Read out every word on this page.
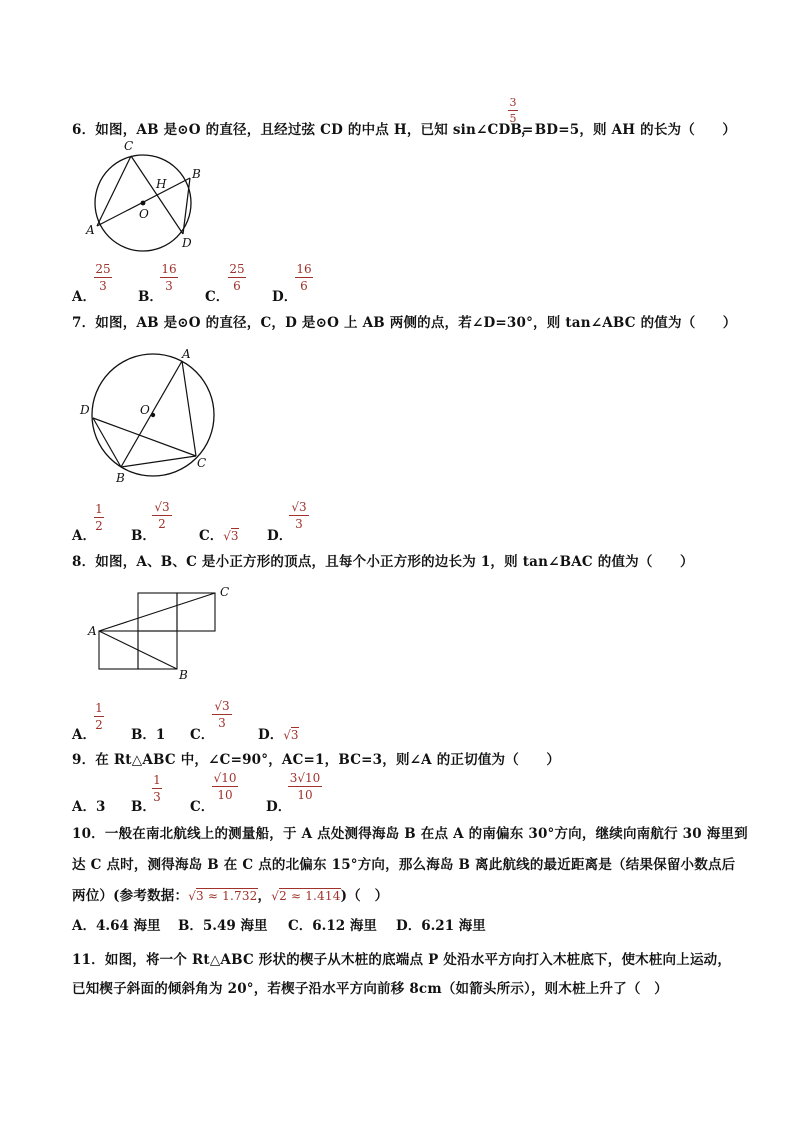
6．如图，AB 是⊙O 的直径，且经过弦 CD 的中点 H，已知 sin∠CDB=
3
5
，BD=5，则 AH 的长为（　　）
C
B
H
O
A
D
A．
25
3
B．
16
3
C．
25
6
D．
16
6
7．如图，AB 是⊙O 的直径，C，D 是⊙O 上 AB 两侧的点，若∠D=30°，则 tan∠ABC 的值为（　　）
A
D	O
B
C
A．
1
2
B．
√3
2
C．√3 D．
√3
3
8．如图，A、B、C 是小正方形的顶点，且每个小正方形的边长为 1，则 tan∠BAC 的值为（　　）
A
B
C
A．
1
2
B．1 C．
√3
3
D．√3
9．在 Rt△ABC 中，∠C=90°，AC=1，BC=3，则∠A 的正切值为（　　）
A．3 B．
1
3
C．
√10
10
D．
3√10
10
10．一般在南北航线上的测量船，于 A 点处测得海岛 B 在点 A 的南偏东 30°方向，继续向南航行 30 海里到
达 C 点时，测得海岛 B 在 C 点的北偏东 15°方向，那么海岛 B 离此航线的最近距离是（结果保留小数点后
两位）(参考数据：√3 ≈ 1.732，√2 ≈ 1.414)（　）
A．4.64 海里 B．5.49 海里 C．6.12 海里 D．6.21 海里
11．如图，将一个 Rt△ABC 形状的楔子从木桩的底端点 P 处沿水平方向打入木桩底下，使木桩向上运动，
已知楔子斜面的倾斜角为 20°，若楔子沿水平方向前移 8cm（如箭头所示），则木桩上升了（　）
